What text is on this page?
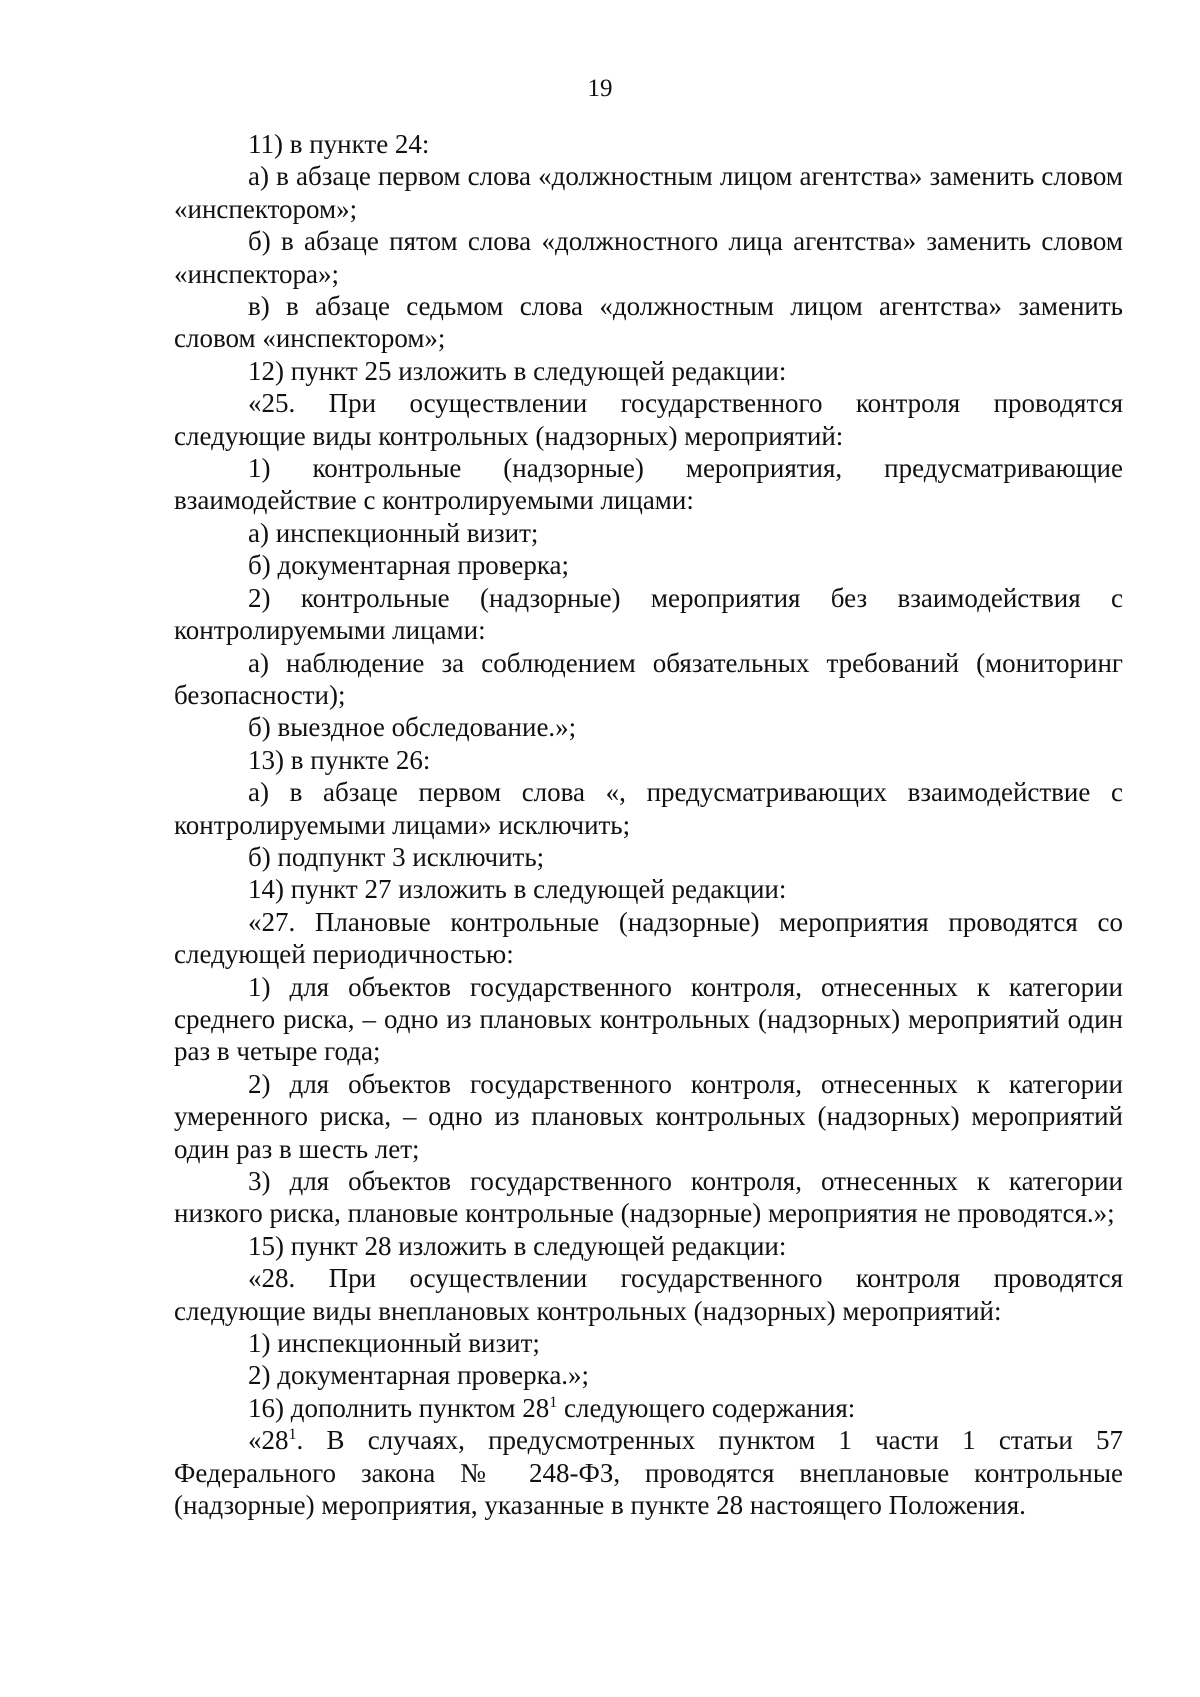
19

11) в пункте 24:

а) в абзаце первом слова «должностным лицом агентства» заменить словом «инспектором»;

б) в абзаце пятом слова «должностного лица агентства» заменить словом «инспектора»;

в) в абзаце седьмом слова «должностным лицом агентства» заменить словом «инспектором»;

12) пункт 25 изложить в следующей редакции:

«25. При осуществлении государственного контроля проводятся следующие виды контрольных (надзорных) мероприятий:

1) контрольные (надзорные) мероприятия, предусматривающие взаимодействие с контролируемыми лицами:

а) инспекционный визит;

б) документарная проверка;

2) контрольные (надзорные) мероприятия без взаимодействия с контролируемыми лицами:

а) наблюдение за соблюдением обязательных требований (мониторинг безопасности);

б) выездное обследование.»;

13) в пункте 26:

а) в абзаце первом слова «, предусматривающих взаимодействие с контролируемыми лицами» исключить;

б) подпункт 3 исключить;

14) пункт 27 изложить в следующей редакции:

«27. Плановые контрольные (надзорные) мероприятия проводятся со следующей периодичностью:

1) для объектов государственного контроля, отнесенных к категории среднего риска, – одно из плановых контрольных (надзорных) мероприятий один раз в четыре года;

2) для объектов государственного контроля, отнесенных к категории умеренного риска, – одно из плановых контрольных (надзорных) мероприятий один раз в шесть лет;

3) для объектов государственного контроля, отнесенных к категории низкого риска, плановые контрольные (надзорные) мероприятия не проводятся.»;

15) пункт 28 изложить в следующей редакции:

«28. При осуществлении государственного контроля проводятся следующие виды внеплановых контрольных (надзорных) мероприятий:

1) инспекционный визит;

2) документарная проверка.»;

16) дополнить пунктом $28^1$ следующего содержания:

«$28^1$. В случаях, предусмотренных пунктом 1 части 1 статьи 57 Федерального закона № 248-ФЗ, проводятся внеплановые контрольные (надзорные) мероприятия, указанные в пункте 28 настоящего Положения.
